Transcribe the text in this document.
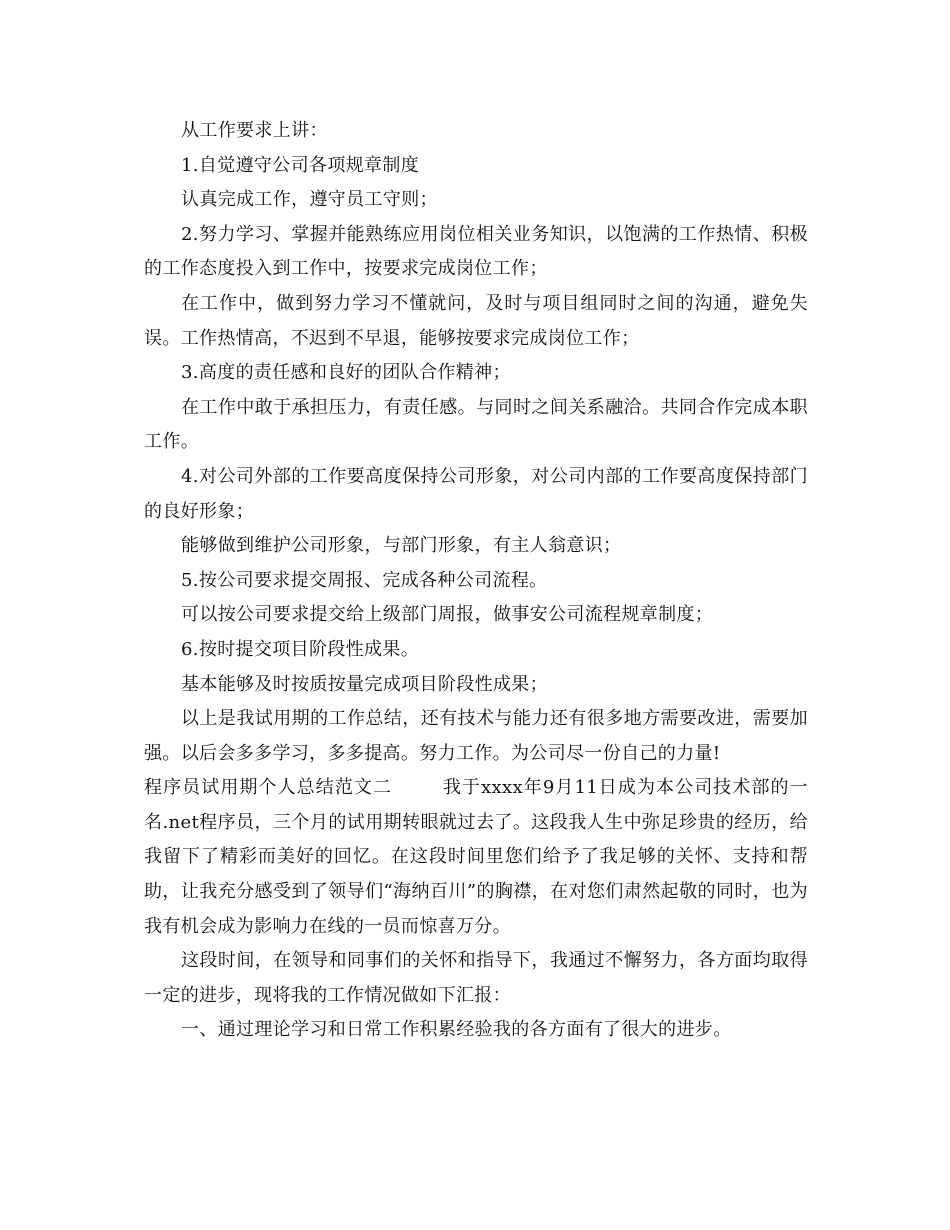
从工作要求上讲：

1.自觉遵守公司各项规章制度

认真完成工作，遵守员工守则；

2.努力学习、掌握并能熟练应用岗位相关业务知识，以饱满的工作热情、积极的工作态度投入到工作中，按要求完成岗位工作；

在工作中，做到努力学习不懂就问，及时与项目组同时之间的沟通，避免失误。工作热情高，不迟到不早退，能够按要求完成岗位工作；

3.高度的责任感和良好的团队合作精神；

在工作中敢于承担压力，有责任感。与同时之间关系融洽。共同合作完成本职工作。

4.对公司外部的工作要高度保持公司形象，对公司内部的工作要高度保持部门的良好形象；

能够做到维护公司形象，与部门形象，有主人翁意识；

5.按公司要求提交周报、完成各种公司流程。

可以按公司要求提交给上级部门周报，做事安公司流程规章制度；

6.按时提交项目阶段性成果。

基本能够及时按质按量完成项目阶段性成果；

以上是我试用期的工作总结，还有技术与能力还有很多地方需要改进，需要加强。以后会多多学习，多多提高。努力工作。为公司尽一份自己的力量!

程序员试用期个人总结范文二	我于xxxx年9月11日成为本公司技术部的一名.net程序员，三个月的试用期转眼就过去了。这段我人生中弥足珍贵的经历，给我留下了精彩而美好的回忆。在这段时间里您们给予了我足够的关怀、支持和帮助，让我充分感受到了领导们“海纳百川”的胸襟，在对您们肃然起敬的同时，也为我有机会成为影响力在线的一员而惊喜万分。

这段时间，在领导和同事们的关怀和指导下，我通过不懈努力，各方面均取得一定的进步，现将我的工作情况做如下汇报：

一、通过理论学习和日常工作积累经验我的各方面有了很大的进步。
